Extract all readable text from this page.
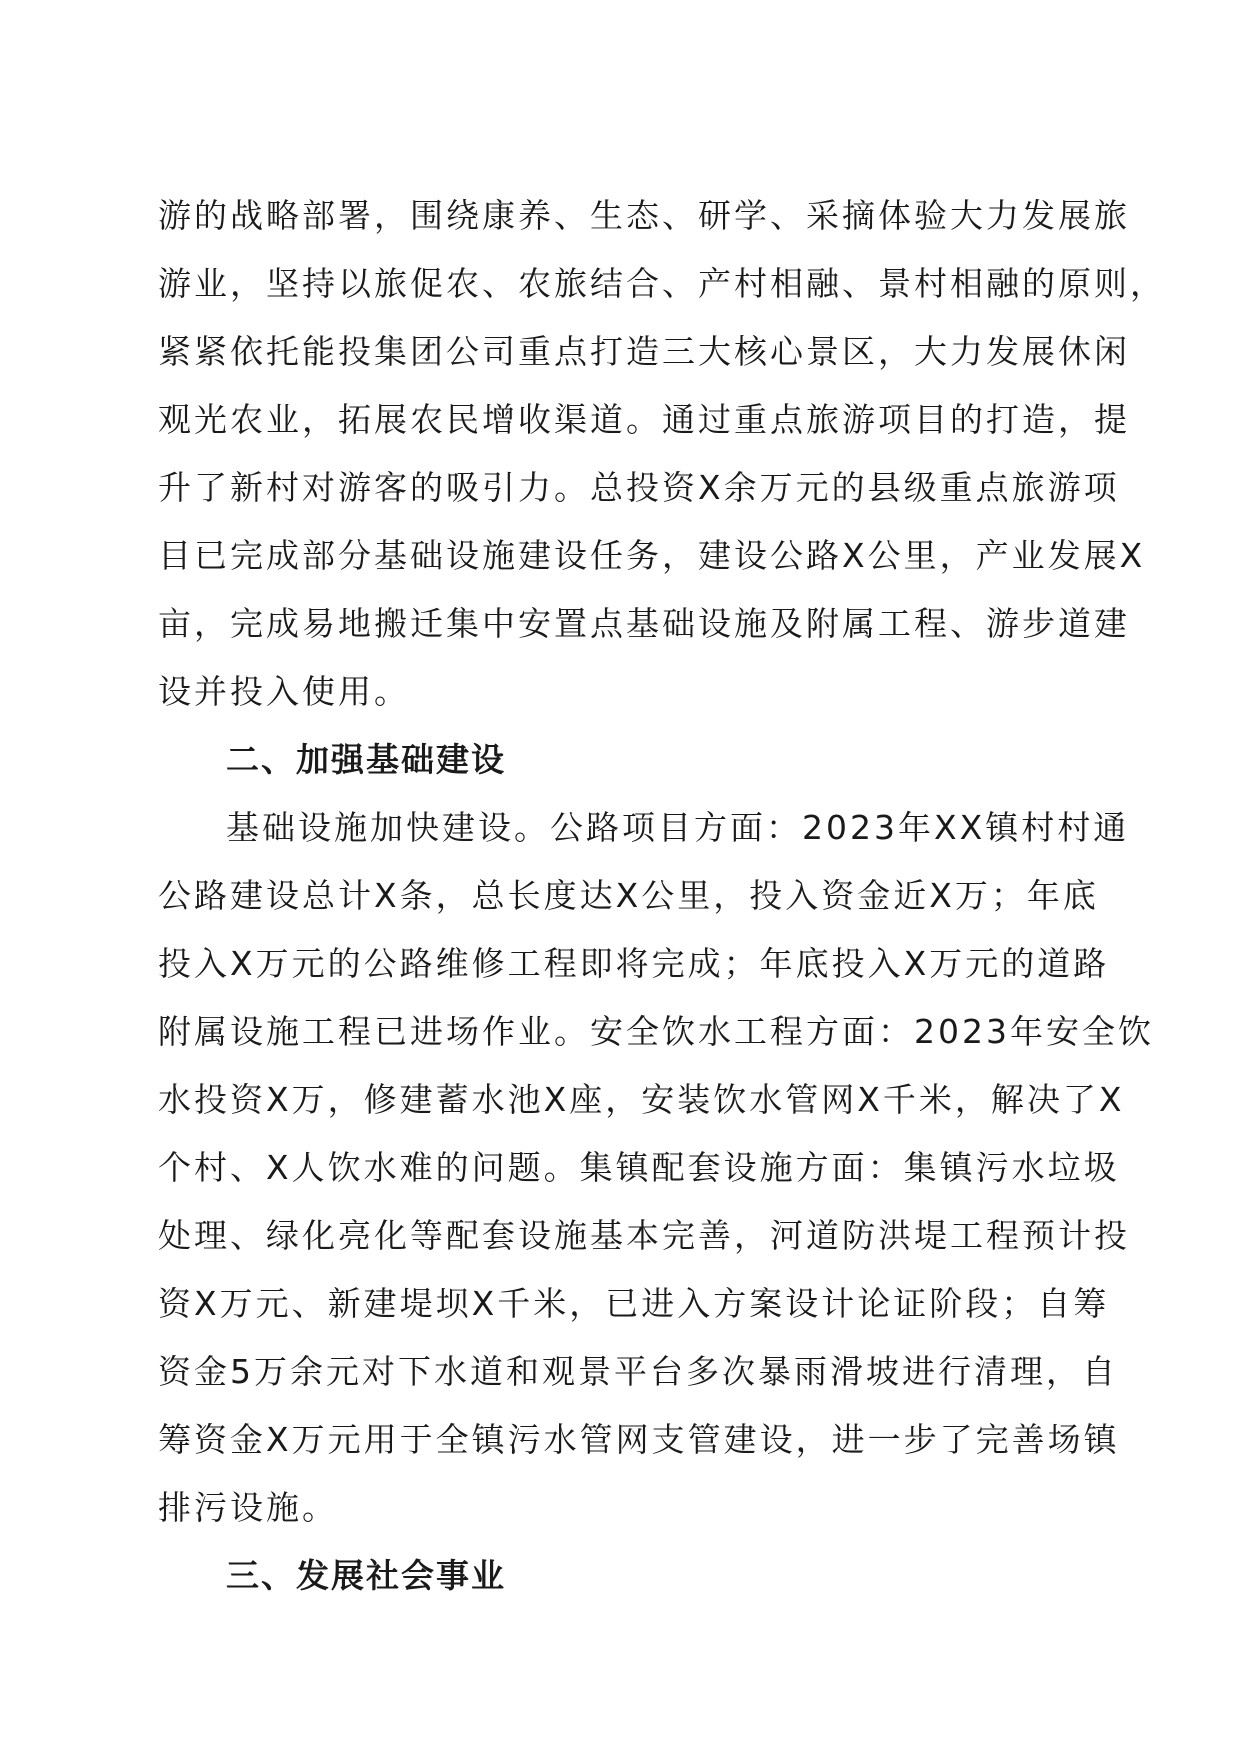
游的战略部署，围绕康养、生态、研学、采摘体验大力发展旅
游业，坚持以旅促农、农旅结合、产村相融、景村相融的原则，
紧紧依托能投集团公司重点打造三大核心景区，大力发展休闲
观光农业，拓展农民增收渠道。通过重点旅游项目的打造，提
升了新村对游客的吸引力。总投资X余万元的县级重点旅游项
目已完成部分基础设施建设任务，建设公路X公里，产业发展X
亩，完成易地搬迁集中安置点基础设施及附属工程、游步道建
设并投入使用。
二、加强基础建设
基础设施加快建设。公路项目方面：2023年XX镇村村通
公路建设总计X条，总长度达X公里，投入资金近X万；年底
投入X万元的公路维修工程即将完成；年底投入X万元的道路
附属设施工程已进场作业。安全饮水工程方面：2023年安全饮
水投资X万，修建蓄水池X座，安装饮水管网X千米，解决了X
个村、X人饮水难的问题。集镇配套设施方面：集镇污水垃圾
处理、绿化亮化等配套设施基本完善，河道防洪堤工程预计投
资X万元、新建堤坝X千米，已进入方案设计论证阶段；自筹
资金5万余元对下水道和观景平台多次暴雨滑坡进行清理，自
筹资金X万元用于全镇污水管网支管建设，进一步了完善场镇
排污设施。
三、发展社会事业
